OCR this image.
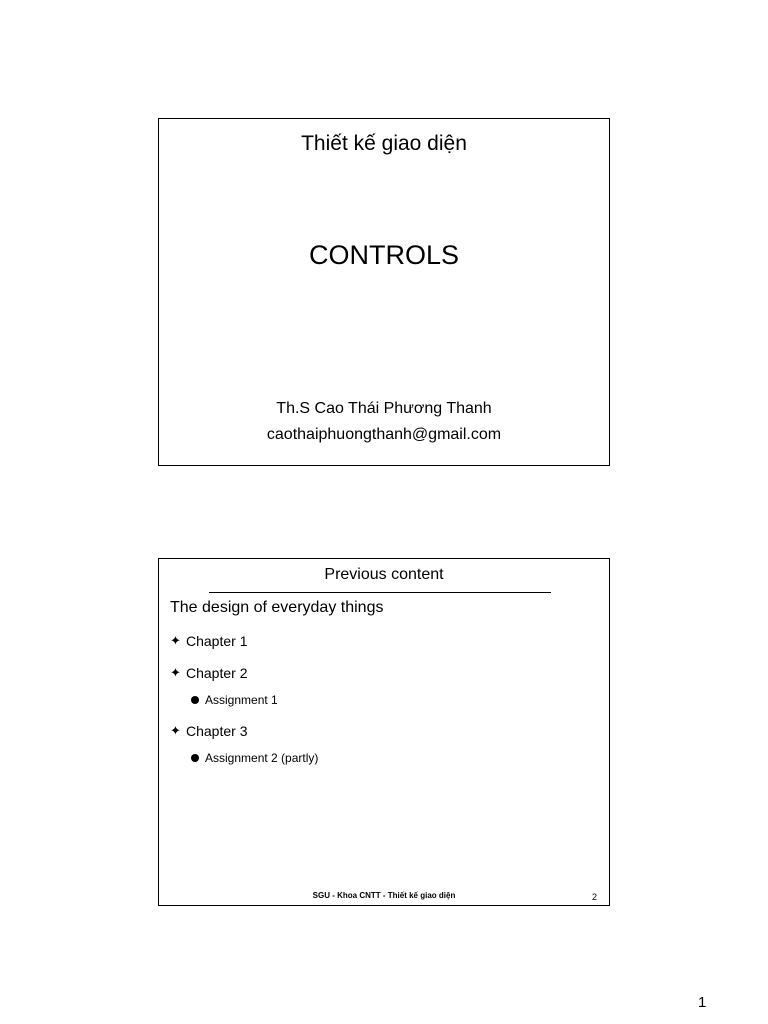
Thiết kế giao diện
CONTROLS
Th.S Cao Thái Phương Thanh
caothaiphuongthanh@gmail.com
Previous content
The design of everyday things
✦ Chapter 1
✦ Chapter 2
Assignment 1
✦ Chapter 3
Assignment 2 (partly)
SGU - Khoa CNTT - Thiết kế giao diện	2
1
